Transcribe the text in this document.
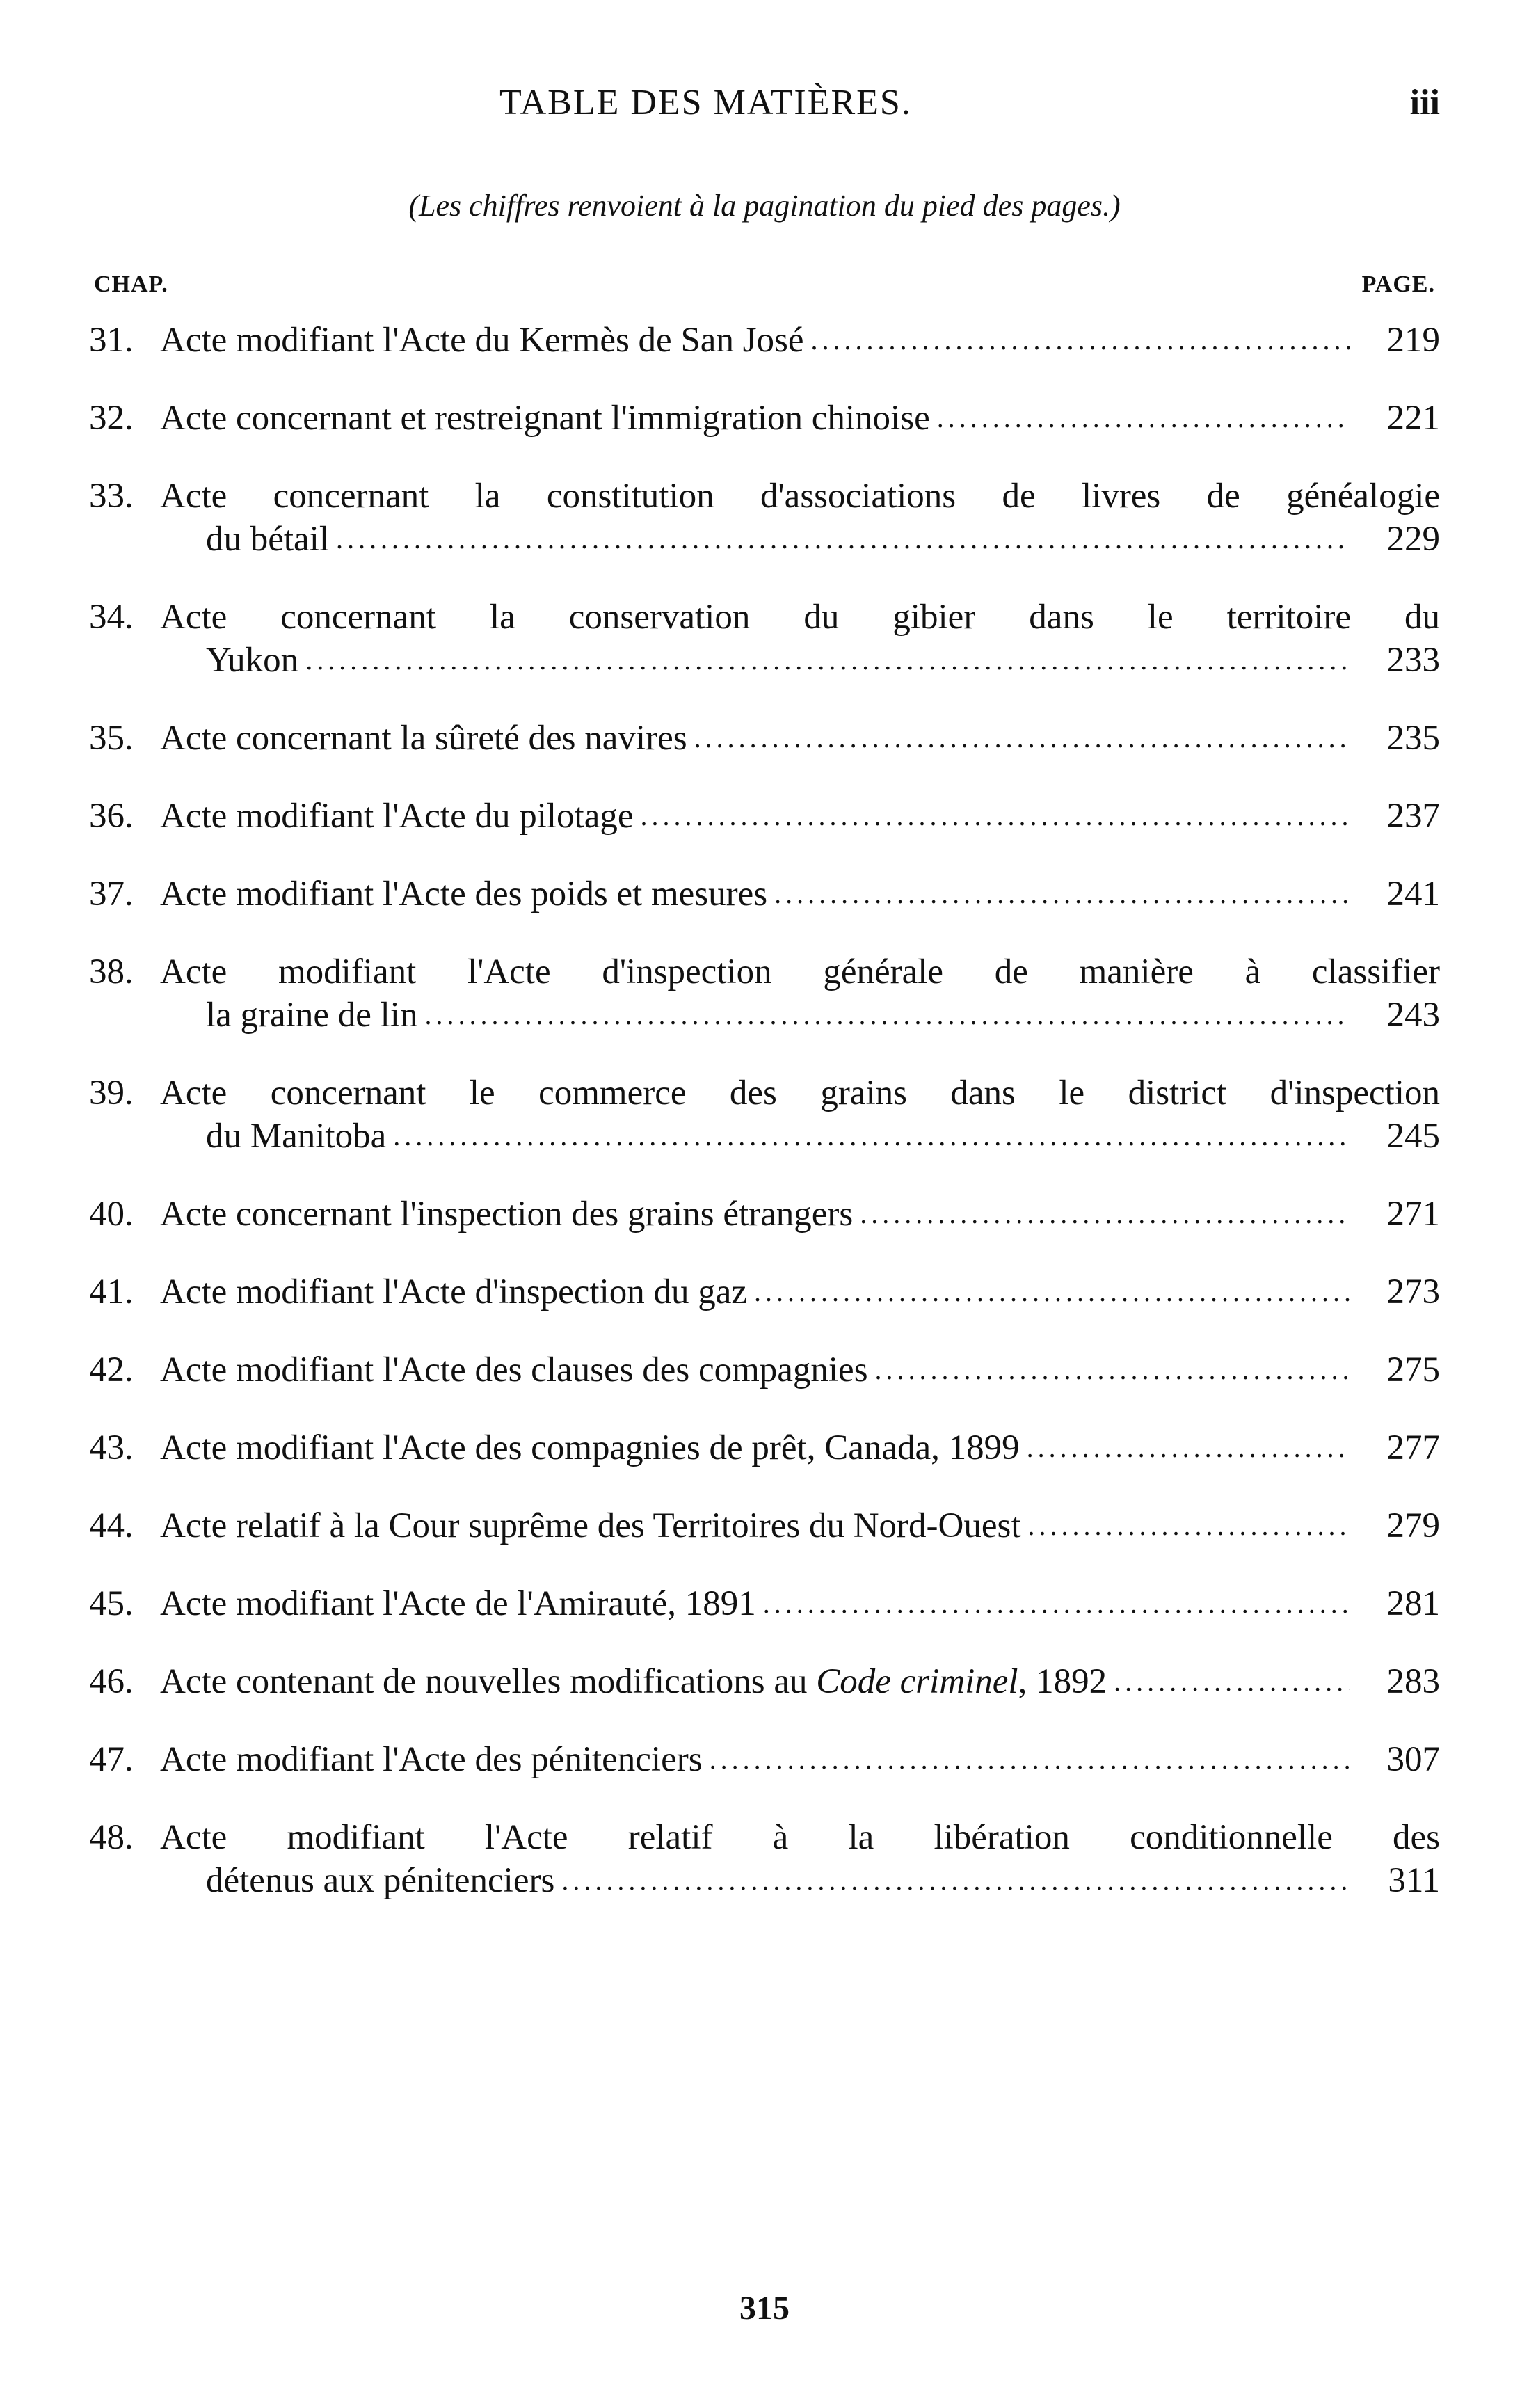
TABLE DES MATIÈRES.	iii
(Les chiffres renvoient à la pagination du pied des pages.)
CHAP.	PAGE.
31. Acte modifiant l'Acte du Kermès de San José .....	219
32. Acte concernant et restreignant l'immigration chinoise .....	221
33. Acte concernant la constitution d'associations de livres de généalogie
du bétail .....	229
34. Acte concernant la conservation du gibier dans le territoire du
Yukon .....	233
35. Acte concernant la sûreté des navires .....	235
36. Acte modifiant l'Acte du pilotage .....	237
37. Acte modifiant l'Acte des poids et mesures .....	241
38. Acte modifiant l'Acte d'inspection générale de manière à classifier
la graine de lin .....	243
39. Acte concernant le commerce des grains dans le district d'inspection
du Manitoba .....	245
40. Acte concernant l'inspection des grains étrangers .....	271
41. Acte modifiant l'Acte d'inspection du gaz .....	273
42. Acte modifiant l'Acte des clauses des compagnies .....	275
43. Acte modifiant l'Acte des compagnies de prêt, Canada, 1899 .....	277
44. Acte relatif à la Cour suprême des Territoires du Nord-Ouest .....	279
45. Acte modifiant l'Acte de l'Amirauté, 1891 .....	281
46. Acte contenant de nouvelles modifications au Code criminel, 1892 .....	283
47. Acte modifiant l'Acte des pénitenciers .....	307
48. Acte modifiant l'Acte relatif à la libération conditionnelle des
détenus aux pénitenciers .....	311
315
